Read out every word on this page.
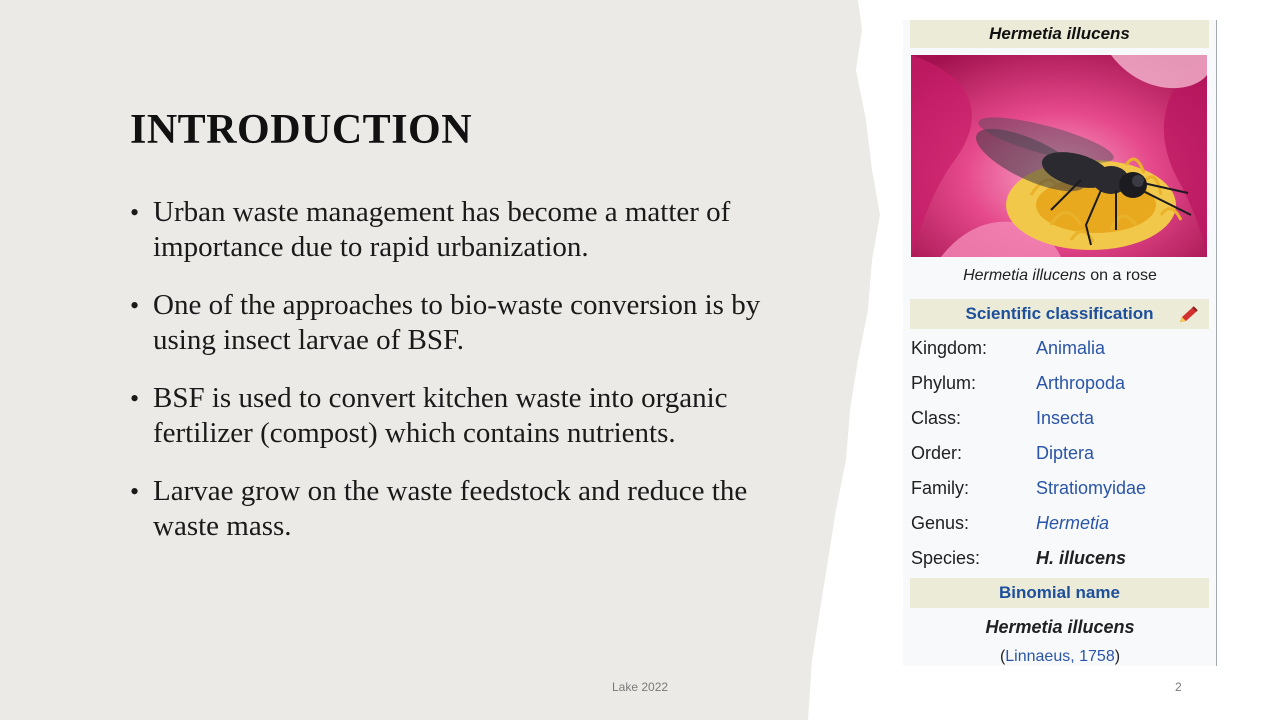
INTRODUCTION
• Urban waste management has become a matter of importance due to rapid urbanization.
• One of the approaches to bio-waste conversion is by using insect larvae of BSF.
• BSF is used to convert kitchen waste into organic fertilizer (compost) which contains nutrients.
• Larvae grow on the waste feedstock and reduce the waste mass.
Lake 2022	2
Hermetia illucens
Hermetia illucens on a rose
Scientific classification
Kingdom:	Animalia
Phylum:	Arthropoda
Class:	Insecta
Order:	Diptera
Family:	Stratiomyidae
Genus:	Hermetia
Species:	H. illucens
Binomial name
Hermetia illucens
(Linnaeus, 1758)
